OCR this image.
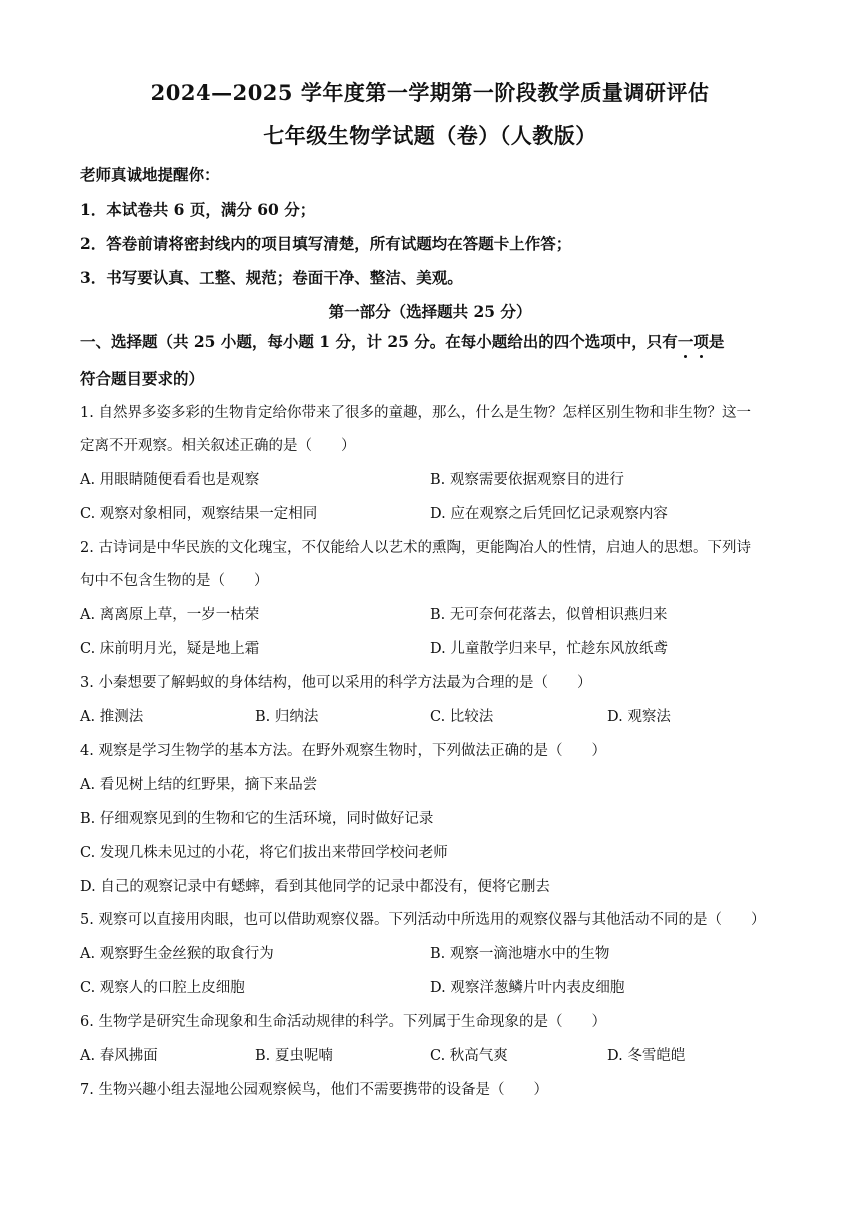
2024—2025 学年度第一学期第一阶段教学质量调研评估
七年级生物学试题（卷）（人教版）
老师真诚地提醒你：
1．本试卷共 6 页，满分 60 分；
2．答卷前请将密封线内的项目填写清楚，所有试题均在答题卡上作答；
3．书写要认真、工整、规范；卷面干净、整洁、美观。
第一部分（选择题共 25 分）
一、选择题（共 25 小题，每小题 1 分，计 25 分。在每小题给出的四个选项中，只有一项是
符合题目要求的）
1. 自然界多姿多彩的生物肯定给你带来了很多的童趣，那么，什么是生物？怎样区别生物和非生物？这一
定离不开观察。相关叙述正确的是（　　）
A. 用眼睛随便看看也是观察	B. 观察需要依据观察目的进行
C. 观察对象相同，观察结果一定相同	D. 应在观察之后凭回忆记录观察内容
2. 古诗词是中华民族的文化瑰宝，不仅能给人以艺术的熏陶，更能陶冶人的性情，启迪人的思想。下列诗
句中不包含生物的是（　　）
A. 离离原上草，一岁一枯荣	B. 无可奈何花落去，似曾相识燕归来
C. 床前明月光，疑是地上霜	D. 儿童散学归来早，忙趁东风放纸鸢
3. 小秦想要了解蚂蚁的身体结构，他可以采用的科学方法最为合理的是（　　）
A. 推测法	B. 归纳法	C. 比较法	D. 观察法
4. 观察是学习生物学的基本方法。在野外观察生物时，下列做法正确的是（　　）
A. 看见树上结的红野果，摘下来品尝
B. 仔细观察见到的生物和它的生活环境，同时做好记录
C. 发现几株未见过的小花，将它们拔出来带回学校问老师
D. 自己的观察记录中有蟋蟀，看到其他同学的记录中都没有，便将它删去
5. 观察可以直接用肉眼，也可以借助观察仪器。下列活动中所选用的观察仪器与其他活动不同的是（　　）
A. 观察野生金丝猴的取食行为	B. 观察一滴池塘水中的生物
C. 观察人的口腔上皮细胞	D. 观察洋葱鳞片叶内表皮细胞
6. 生物学是研究生命现象和生命活动规律的科学。下列属于生命现象的是（　　）
A. 春风拂面	B. 夏虫呢喃	C. 秋高气爽	D. 冬雪皑皑
7. 生物兴趣小组去湿地公园观察候鸟，他们不需要携带的设备是（　　）
